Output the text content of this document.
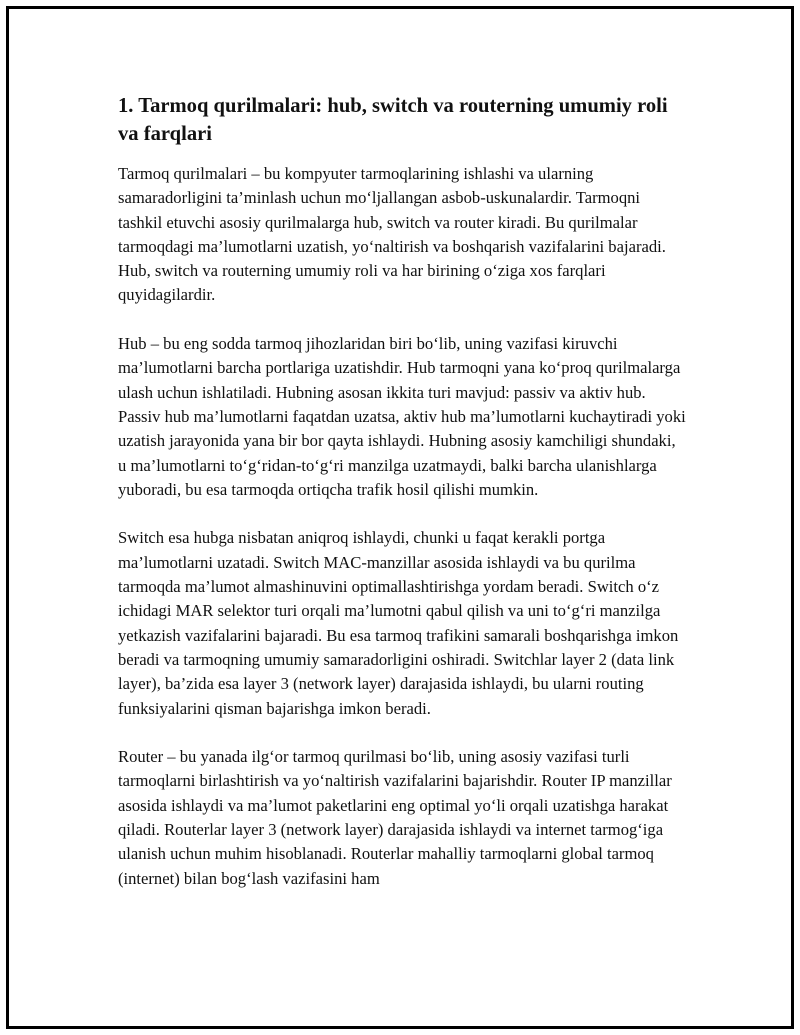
1. Tarmoq qurilmalari: hub, switch va routerning umumiy roli va farqlari

Tarmoq qurilmalari – bu kompyuter tarmoqlarining ishlashi va ularning samaradorligini ta’minlash uchun mo‘ljallangan asbob-uskunalardir. Tarmoqni tashkil etuvchi asosiy qurilmalarga hub, switch va router kiradi. Bu qurilmalar tarmoqdagi ma’lumotlarni uzatish, yo‘naltirish va boshqarish vazifalarini bajaradi. Hub, switch va routerning umumiy roli va har birining o‘ziga xos farqlari quyidagilardir.

Hub – bu eng sodda tarmoq jihozlaridan biri bo‘lib, uning vazifasi kiruvchi ma’lumotlarni barcha portlariga uzatishdir. Hub tarmoqni yana ko‘proq qurilmalarga ulash uchun ishlatiladi. Hubning asosan ikkita turi mavjud: passiv va aktiv hub. Passiv hub ma’lumotlarni faqatdan uzatsa, aktiv hub ma’lumotlarni kuchaytiradi yoki uzatish jarayonida yana bir bor qayta ishlaydi. Hubning asosiy kamchiligi shundaki, u ma’lumotlarni to‘g‘ridan-to‘g‘ri manzilga uzatmaydi, balki barcha ulanishlarga yuboradi, bu esa tarmoqda ortiqcha trafik hosil qilishi mumkin.

Switch esa hubga nisbatan aniqroq ishlaydi, chunki u faqat kerakli portga ma’lumotlarni uzatadi. Switch MAC-manzillar asosida ishlaydi va bu qurilma tarmoqda ma’lumot almashinuvini optimallashtirishga yordam beradi. Switch o‘z ichidagi MAR selektor turi orqali ma’lumotni qabul qilish va uni to‘g‘ri manzilga yetkazish vazifalarini bajaradi. Bu esa tarmoq trafikini samarali boshqarishga imkon beradi va tarmoqning umumiy samaradorligini oshiradi. Switchlar layer 2 (data link layer), ba’zida esa layer 3 (network layer) darajasida ishlaydi, bu ularni routing funksiyalarini qisman bajarishga imkon beradi.

Router – bu yanada ilg‘or tarmoq qurilmasi bo‘lib, uning asosiy vazifasi turli tarmoqlarni birlashtirish va yo‘naltirish vazifalarini bajarishdir. Router IP manzillar asosida ishlaydi va ma’lumot paketlarini eng optimal yo‘li orqali uzatishga harakat qiladi. Routerlar layer 3 (network layer) darajasida ishlaydi va internet tarmog‘iga ulanish uchun muhim hisoblanadi. Routerlar mahalliy tarmoqlarni global tarmoq (internet) bilan bog‘lash vazifasini ham
